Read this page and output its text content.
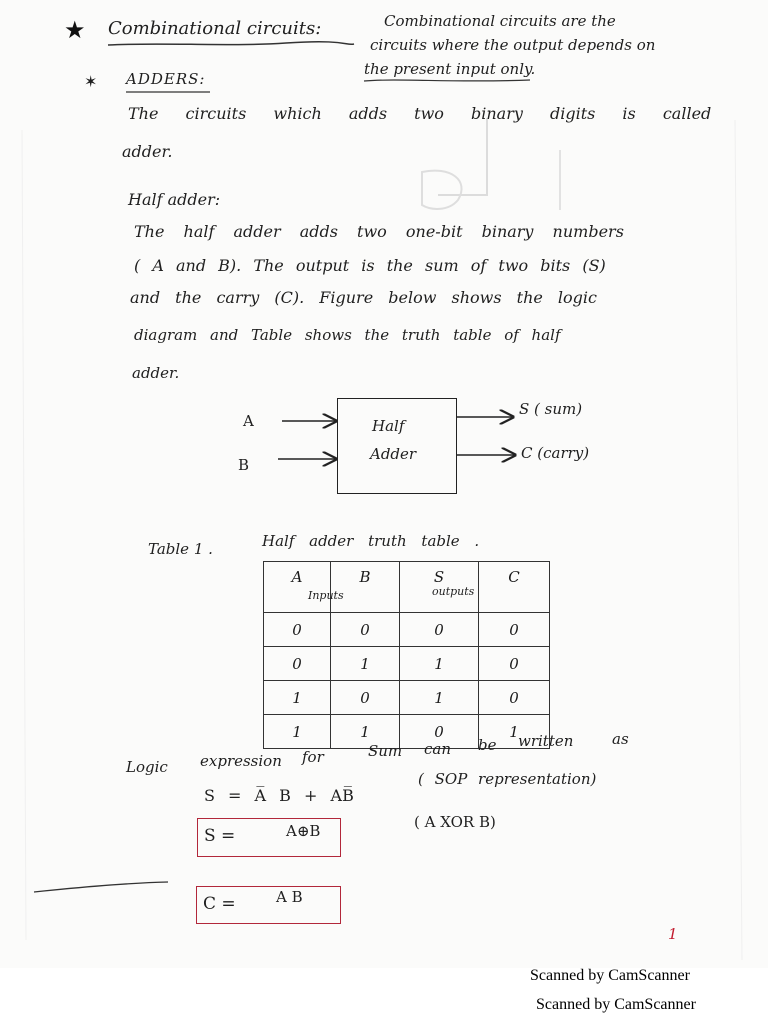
★ Combinational circuits:	Combinational circuits are the
circuits where the output depends on
the present input only.
✶ ADDERS:
The circuits which adds two binary digits is called
adder.
Half adder:
The half adder adds two one-bit binary numbers
( A and B). The output is the sum of two bits (S)
and the carry (C). Figure below shows the logic
diagram and Table shows the truth table of half
adder.
Half
Adder
A
B
S ( sum)
C (carry)
Table 1 .	Half adder truth table .
A	B	S	C
0	0	0	0
0	1	1	0
1	0	1	0
1	1	0	1
Inputs	outputs
Logic expression for	Sum can be written	as
S = A̅ B + AB̅
( SOP representation)
S =	A⊕B	( A XOR B)
C =	A B
1
Scanned by CamScanner
Scanned by CamScanner
